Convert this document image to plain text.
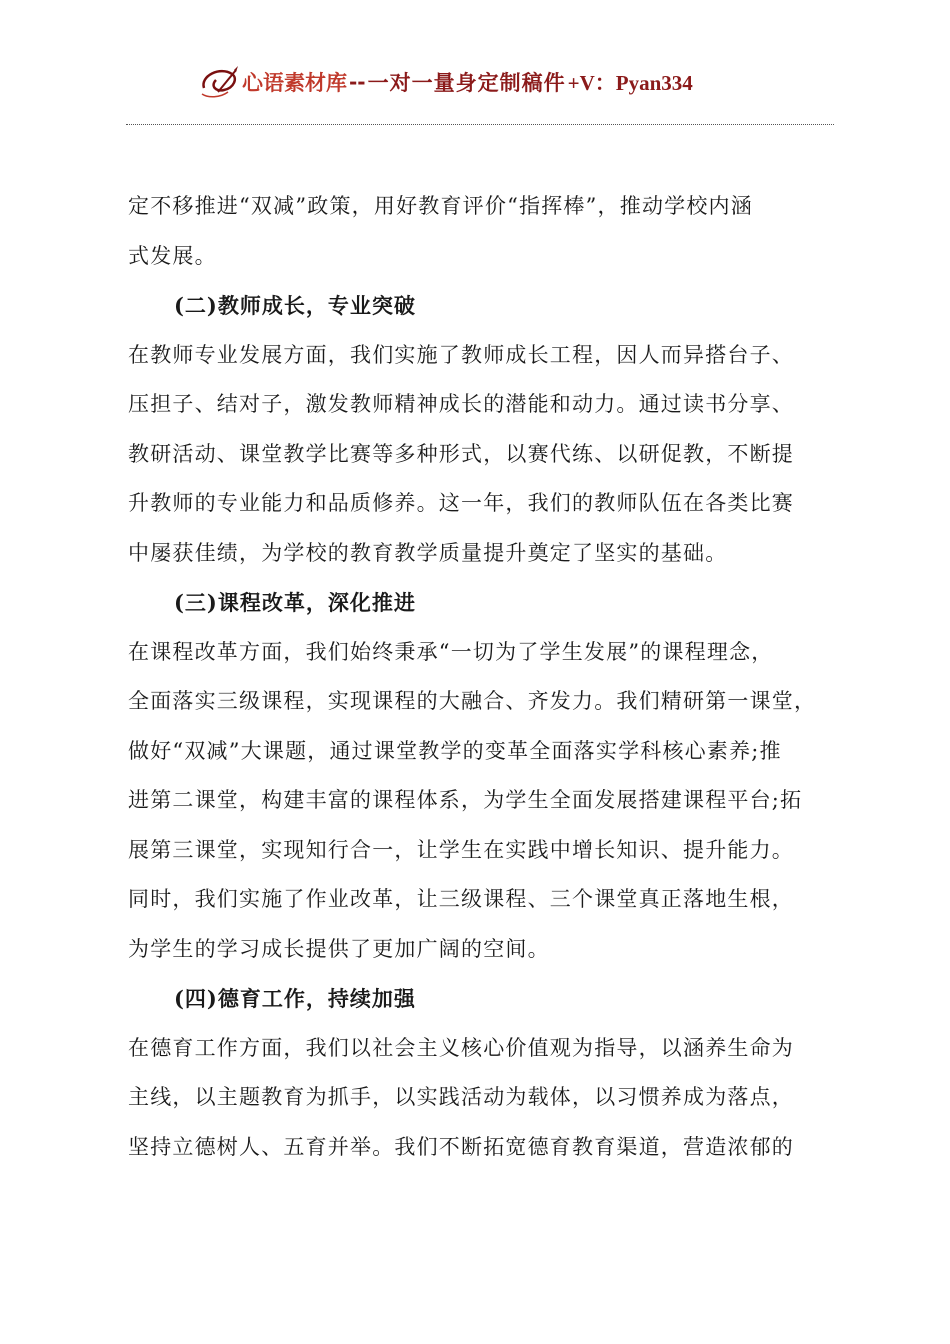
心语素材库 -- 一对一量身定制稿件 +V：Pyan334
定不移推进“双减”政策，用好教育评价“指挥棒”，推动学校内涵
式发展。
(二)教师成长，专业突破
在教师专业发展方面，我们实施了教师成长工程，因人而异搭台子、
压担子、结对子，激发教师精神成长的潜能和动力。通过读书分享、
教研活动、课堂教学比赛等多种形式，以赛代练、以研促教，不断提
升教师的专业能力和品质修养。这一年，我们的教师队伍在各类比赛
中屡获佳绩，为学校的教育教学质量提升奠定了坚实的基础。
(三)课程改革，深化推进
在课程改革方面，我们始终秉承“一切为了学生发展”的课程理念，
全面落实三级课程，实现课程的大融合、齐发力。我们精研第一课堂，
做好“双减”大课题，通过课堂教学的变革全面落实学科核心素养;推
进第二课堂，构建丰富的课程体系，为学生全面发展搭建课程平台;拓
展第三课堂，实现知行合一，让学生在实践中增长知识、提升能力。
同时，我们实施了作业改革，让三级课程、三个课堂真正落地生根，
为学生的学习成长提供了更加广阔的空间。
(四)德育工作，持续加强
在德育工作方面，我们以社会主义核心价值观为指导，以涵养生命为
主线，以主题教育为抓手，以实践活动为载体，以习惯养成为落点，
坚持立德树人、五育并举。我们不断拓宽德育教育渠道，营造浓郁的
